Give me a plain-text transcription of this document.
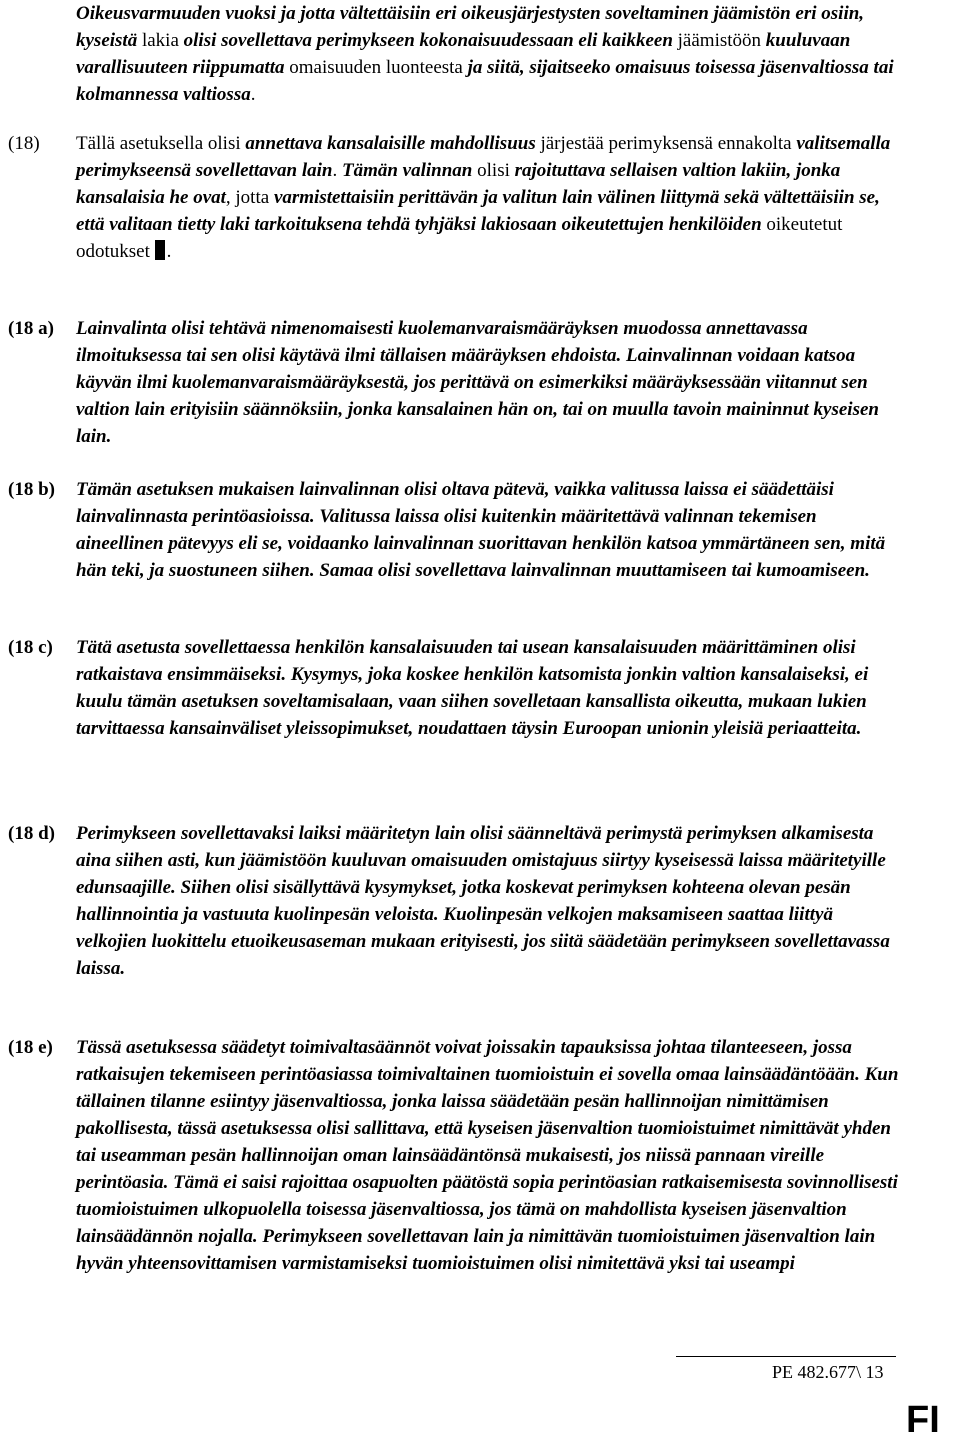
Oikeusvarmuuden vuoksi ja jotta vältettäisiin eri oikeusjärjestysten soveltaminen jäämistön eri osiin, kyseistä lakia olisi sovellettava perimykseen kokonaisuudessaan eli kaikkeen jäämistöön kuuluvaan varallisuuteen riippumatta omaisuuden luonteesta ja siitä, sijaitseeko omaisuus toisessa jäsenvaltiossa tai kolmannessa valtiossa.
(18) Tällä asetuksella olisi annettava kansalaisille mahdollisuus järjestää perimyksensä ennakolta valitsemalla perimykseensä sovellettavan lain. Tämän valinnan olisi rajoituttava sellaisen valtion lakiin, jonka kansalaisia he ovat, jotta varmistettaisiin perittävän ja valitun lain välinen liittymä sekä vältettäisiin se, että valitaan tietty laki tarkoituksena tehdä tyhjäksi lakiosaan oikeutettujen henkilöiden oikeutetut odotukset .
(18 a) Lainvalinta olisi tehtävä nimenomaisesti kuolemanvaraismääräyksen muodossa annettavassa ilmoituksessa tai sen olisi käytävä ilmi tällaisen määräyksen ehdoista. Lainvalinnan voidaan katsoa käyvän ilmi kuolemanvaraismääräyksestä, jos perittävä on esimerkiksi määräyksessään viitannut sen valtion lain erityisiin säännöksiin, jonka kansalainen hän on, tai on muulla tavoin maininnut kyseisen lain.
(18 b) Tämän asetuksen mukaisen lainvalinnan olisi oltava pätevä, vaikka valitussa laissa ei säädettäisi lainvalinnasta perintöasioissa. Valitussa laissa olisi kuitenkin määritettävä valinnan tekemisen aineellinen pätevyys eli se, voidaanko lainvalinnan suorittavan henkilön katsoa ymmärtäneen sen, mitä hän teki, ja suostuneen siihen. Samaa olisi sovellettava lainvalinnan muuttamiseen tai kumoamiseen.
(18 c) Tätä asetusta sovellettaessa henkilön kansalaisuuden tai usean kansalaisuuden määrittäminen olisi ratkaistava ensimmäiseksi. Kysymys, joka koskee henkilön katsomista jonkin valtion kansalaiseksi, ei kuulu tämän asetuksen soveltamisalaan, vaan siihen sovelletaan kansallista oikeutta, mukaan lukien tarvittaessa kansainväliset yleissopimukset, noudattaen täysin Euroopan unionin yleisiä periaatteita.
(18 d) Perimykseen sovellettavaksi laiksi määritetyn lain olisi säänneltävä perimystä perimyksen alkamisesta aina siihen asti, kun jäämistöön kuuluvan omaisuuden omistajuus siirtyy kyseisessä laissa määritetyille edunsaajille. Siihen olisi sisällyttävä kysymykset, jotka koskevat perimyksen kohteena olevan pesän hallinnointia ja vastuuta kuolinpesän veloista. Kuolinpesän velkojen maksamiseen saattaa liittyä velkojien luokittelu etuoikeusaseman mukaan erityisesti, jos siitä säädetään perimykseen sovellettavassa laissa.
(18 e) Tässä asetuksessa säädetyt toimivaltasäännöt voivat joissakin tapauksissa johtaa tilanteeseen, jossa ratkaisujen tekemiseen perintöasiassa toimivaltainen tuomioistuin ei sovella omaa lainsäädäntöään. Kun tällainen tilanne esiintyy jäsenvaltiossa, jonka laissa säädetään pesän hallinnoijan nimittämisen pakollisesta, tässä asetuksessa olisi sallittava, että kyseisen jäsenvaltion tuomioistuimet nimittävät yhden tai useamman pesän hallinnoijan oman lainsäädäntönsä mukaisesti, jos niissä pannaan vireille perintöasia. Tämä ei saisi rajoittaa osapuolten päätöstä sopia perintöasian ratkaisemisesta sovinnollisesti tuomioistuimen ulkopuolella toisessa jäsenvaltiossa, jos tämä on mahdollista kyseisen jäsenvaltion lainsäädännön nojalla. Perimykseen sovellettavan lain ja nimittävän tuomioistuimen jäsenvaltion lain hyvän yhteensovittamisen varmistamiseksi tuomioistuimen olisi nimitettävä yksi tai useampi
PE 482.677\ 13
FI
